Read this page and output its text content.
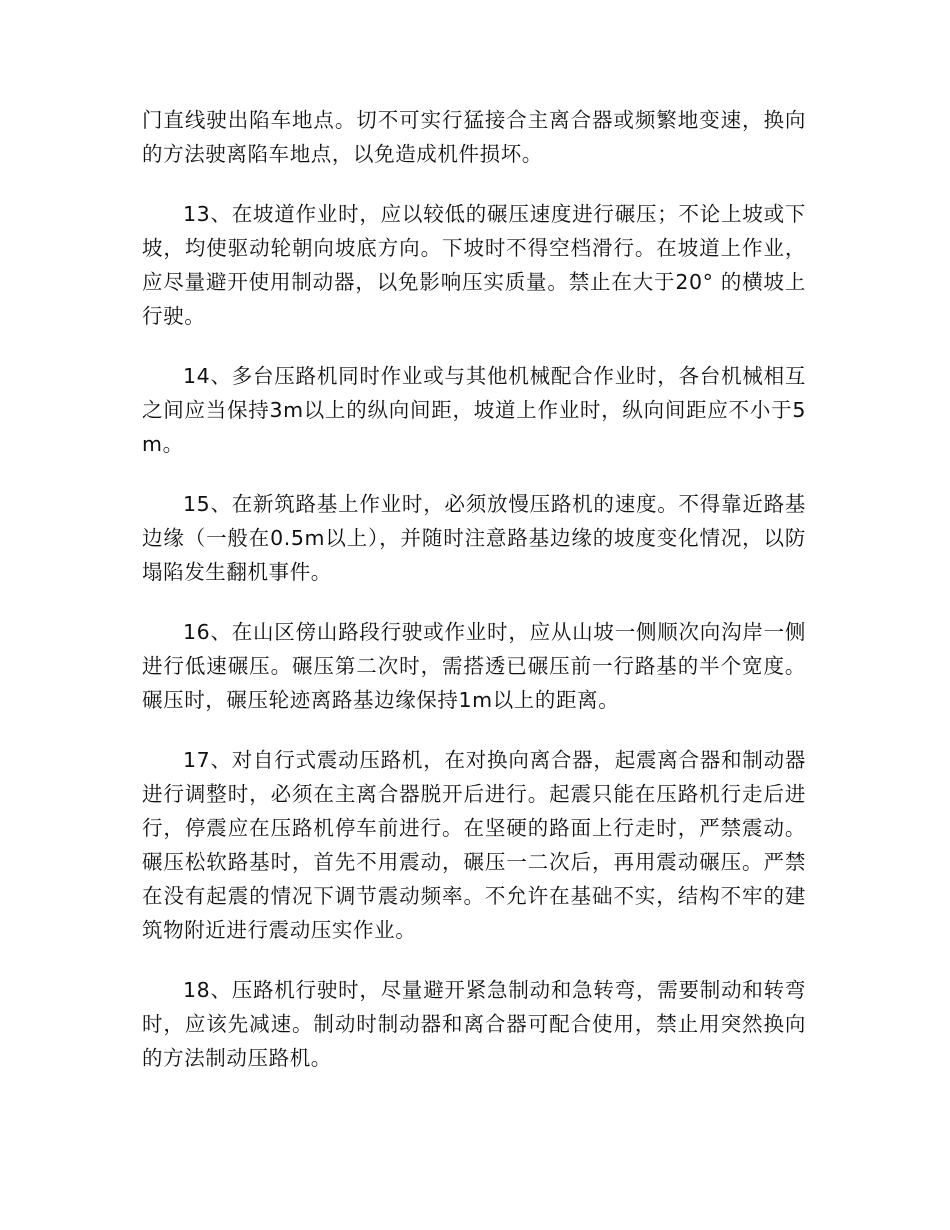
门直线驶出陷车地点。切不可实行猛接合主离合器或频繁地变速，换向的方法驶离陷车地点，以免造成机件损坏。

13、在坡道作业时，应以较低的碾压速度进行碾压；不论上坡或下坡，均使驱动轮朝向坡底方向。下坡时不得空档滑行。在坡道上作业，应尽量避开使用制动器，以免影响压实质量。禁止在大于20° 的横坡上行驶。

14、多台压路机同时作业或与其他机械配合作业时，各台机械相互之间应当保持3m以上的纵向间距，坡道上作业时，纵向间距应不小于5m。

15、在新筑路基上作业时，必须放慢压路机的速度。不得靠近路基边缘（一般在0.5m以上），并随时注意路基边缘的坡度变化情况，以防塌陷发生翻机事件。

16、在山区傍山路段行驶或作业时，应从山坡一侧顺次向沟岸一侧进行低速碾压。碾压第二次时，需搭透已碾压前一行路基的半个宽度。碾压时，碾压轮迹离路基边缘保持1m以上的距离。

17、对自行式震动压路机，在对换向离合器，起震离合器和制动器进行调整时，必须在主离合器脱开后进行。起震只能在压路机行走后进行，停震应在压路机停车前进行。在坚硬的路面上行走时，严禁震动。碾压松软路基时，首先不用震动，碾压一二次后，再用震动碾压。严禁在没有起震的情况下调节震动频率。不允许在基础不实，结构不牢的建筑物附近进行震动压实作业。

18、压路机行驶时，尽量避开紧急制动和急转弯，需要制动和转弯时，应该先减速。制动时制动器和离合器可配合使用，禁止用突然换向的方法制动压路机。
